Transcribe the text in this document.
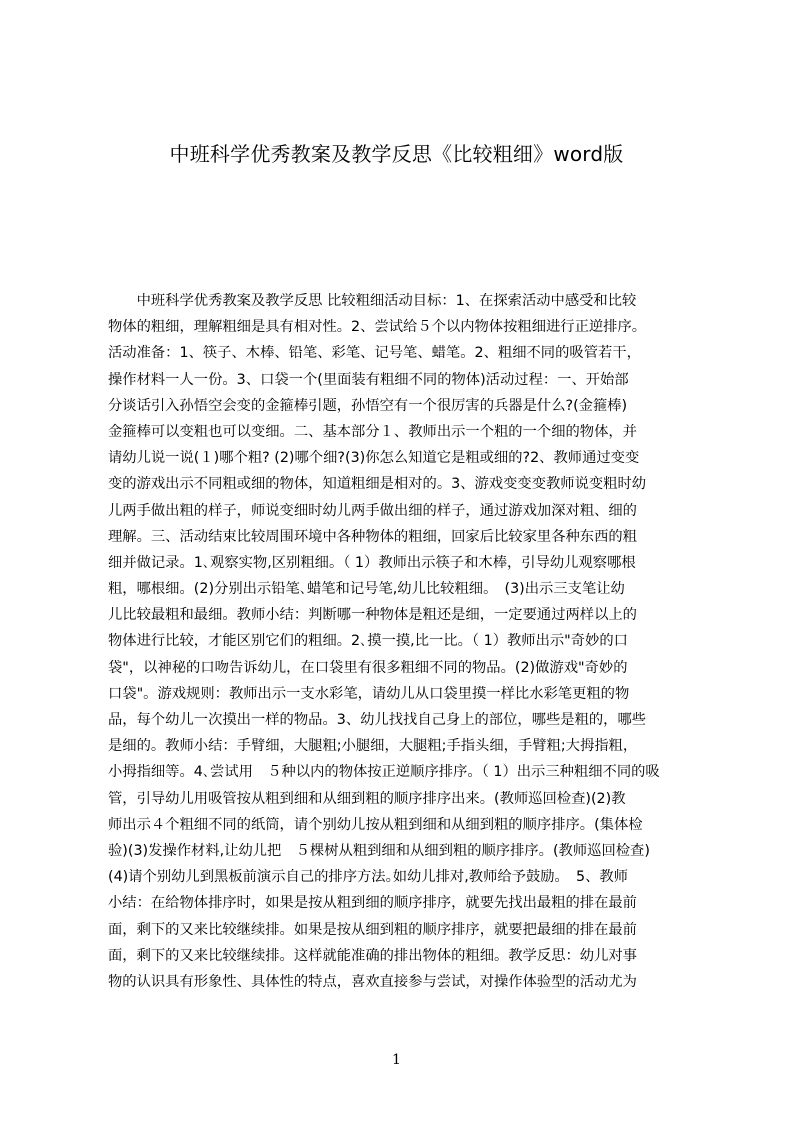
中班科学优秀教案及教学反思《比较粗细》word版
　　中班科学优秀教案及教学反思 比较粗细活动目标：1、在探索活动中感受和比较
物体的粗细，理解粗细是具有相对性。2、尝试给５个以内物体按粗细进行正逆排序。
活动准备：1、筷子、木棒、铅笔、彩笔、记号笔、蜡笔。2、粗细不同的吸管若干，
操作材料一人一份。3、口袋一个(里面装有粗细不同的物体)活动过程：一、开始部
分谈话引入孙悟空会变的金箍棒引题，孙悟空有一个很厉害的兵器是什么?(金箍棒)
金箍棒可以变粗也可以变细。二、基本部分１、教师出示一个粗的一个细的物体，并
请幼儿说一说(１)哪个粗? (2)哪个细?(3)你怎么知道它是粗或细的?2、教师通过变变
变的游戏出示不同粗或细的物体，知道粗细是相对的。3、游戏变变变教师说变粗时幼
儿两手做出粗的样子，师说变细时幼儿两手做出细的样子，通过游戏加深对粗、细的
理解。三、活动结束比较周围环境中各种物体的粗细，回家后比较家里各种东西的粗
细并做记录。1､观察实物,区别粗细。（ 1）教师出示筷子和木棒，引导幼儿观察哪根
粗，哪根细。(2)分别出示铅笔､蜡笔和记号笔,幼儿比较粗细。　(3)出示三支笔让幼
儿比较最粗和最细。教师小结：判断哪一种物体是粗还是细，一定要通过两样以上的
物体进行比较，才能区别它们的粗细。2､摸一摸,比一比。（ 1）教师出示"奇妙的口
袋"，以神秘的口吻告诉幼儿，在口袋里有很多粗细不同的物品。(2)做游戏"奇妙的
口袋"。游戏规则：教师出示一支水彩笔，请幼儿从口袋里摸一样比水彩笔更粗的物
品，每个幼儿一次摸出一样的物品。3、幼儿找找自己身上的部位，哪些是粗的，哪些
是细的。教师小结：手臂细，大腿粗;小腿细，大腿粗;手指头细，手臂粗;大拇指粗，
小拇指细等。4､尝试用　５种以内的物体按正逆顺序排序｡（ 1）出示三种粗细不同的吸
管，引导幼儿用吸管按从粗到细和从细到粗的顺序排序出来。(教师巡回检查)(2)教
师出示４个粗细不同的纸筒，请个别幼儿按从粗到细和从细到粗的顺序排序。(集体检
验)(3)发操作材料,让幼儿把　５棵树从粗到细和从细到粗的顺序排序。(教师巡回检查)
(4)请个别幼儿到黑板前演示自己的排序方法｡如幼儿排对,教师给予鼓励。　5、教师
小结：在给物体排序时，如果是按从粗到细的顺序排序，就要先找出最粗的排在最前
面，剩下的又来比较继续排。如果是按从细到粗的顺序排序，就要把最细的排在最前
面，剩下的又来比较继续排。这样就能准确的排出物体的粗细。教学反思：幼儿对事
物的认识具有形象性、具体性的特点，喜欢直接参与尝试，对操作体验型的活动尤为
1
